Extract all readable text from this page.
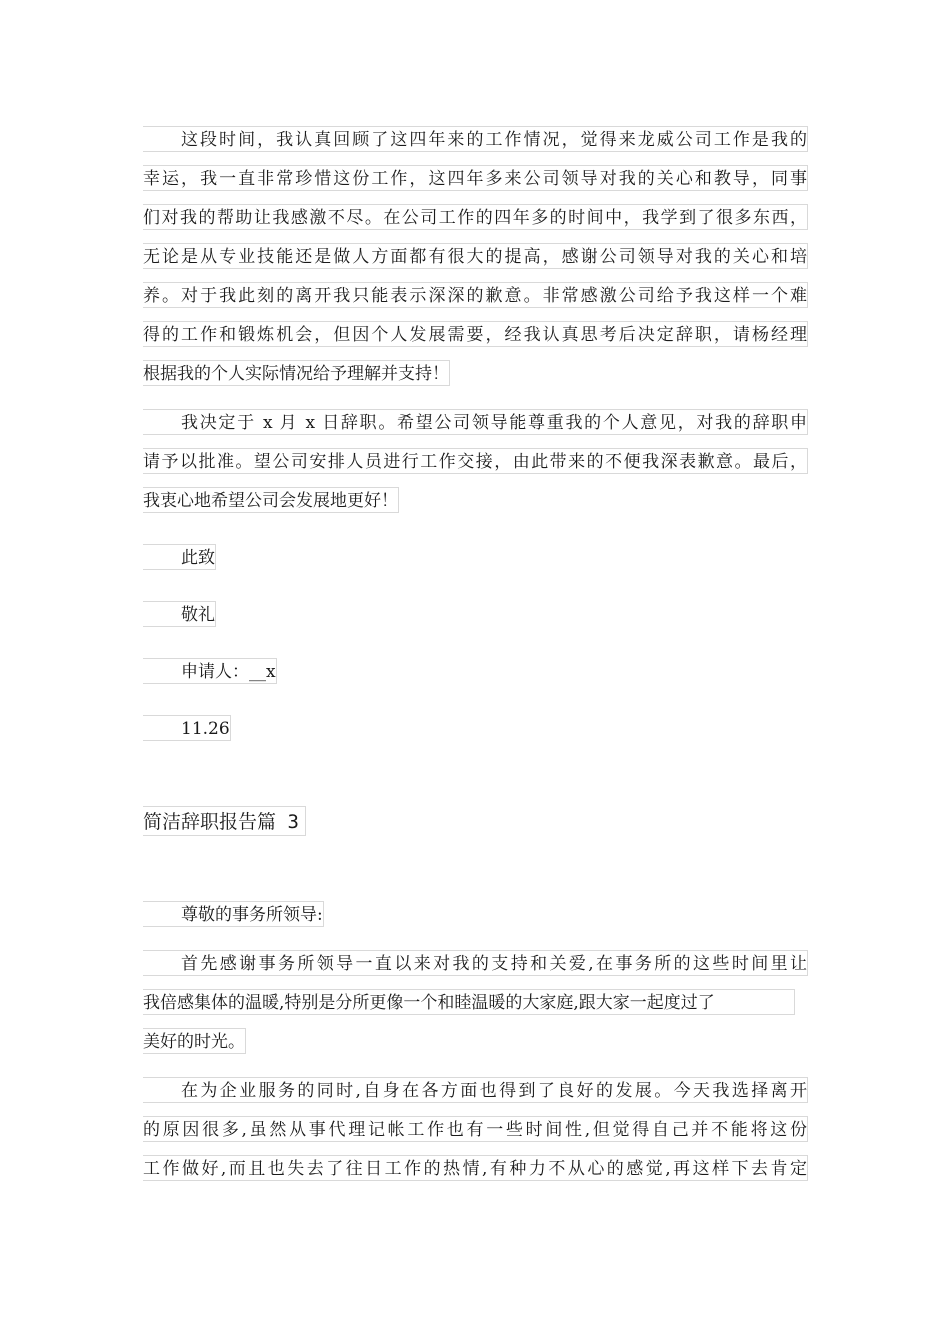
这段时间，我认真回顾了这四年来的工作情况，觉得来龙威公司工作是我的
幸运，我一直非常珍惜这份工作，这四年多来公司领导对我的关心和教导，同事
们对我的帮助让我感激不尽。在公司工作的四年多的时间中，我学到了很多东西，
无论是从专业技能还是做人方面都有很大的提高，感谢公司领导对我的关心和培
养。对于我此刻的离开我只能表示深深的歉意。非常感激公司给予我这样一个难
得的工作和锻炼机会，但因个人发展需要，经我认真思考后决定辞职，请杨经理
根据我的个人实际情况给予理解并支持！
我决定于 x 月 x 日辞职。希望公司领导能尊重我的个人意见，对我的辞职申
请予以批准。望公司安排人员进行工作交接，由此带来的不便我深表歉意。最后，
我衷心地希望公司会发展地更好！
此致
敬礼
申请人：__x
11.26
简洁辞职报告篇 3
尊敬的事务所领导:
首先感谢事务所领导一直以来对我的支持和关爱,在事务所的这些时间里让
我倍感集体的温暖,特别是分所更像一个和睦温暖的大家庭,跟大家一起度过了
美好的时光。
在为企业服务的同时,自身在各方面也得到了良好的发展。今天我选择离开
的原因很多,虽然从事代理记帐工作也有一些时间性,但觉得自己并不能将这份
工作做好,而且也失去了往日工作的热情,有种力不从心的感觉,再这样下去肯定
